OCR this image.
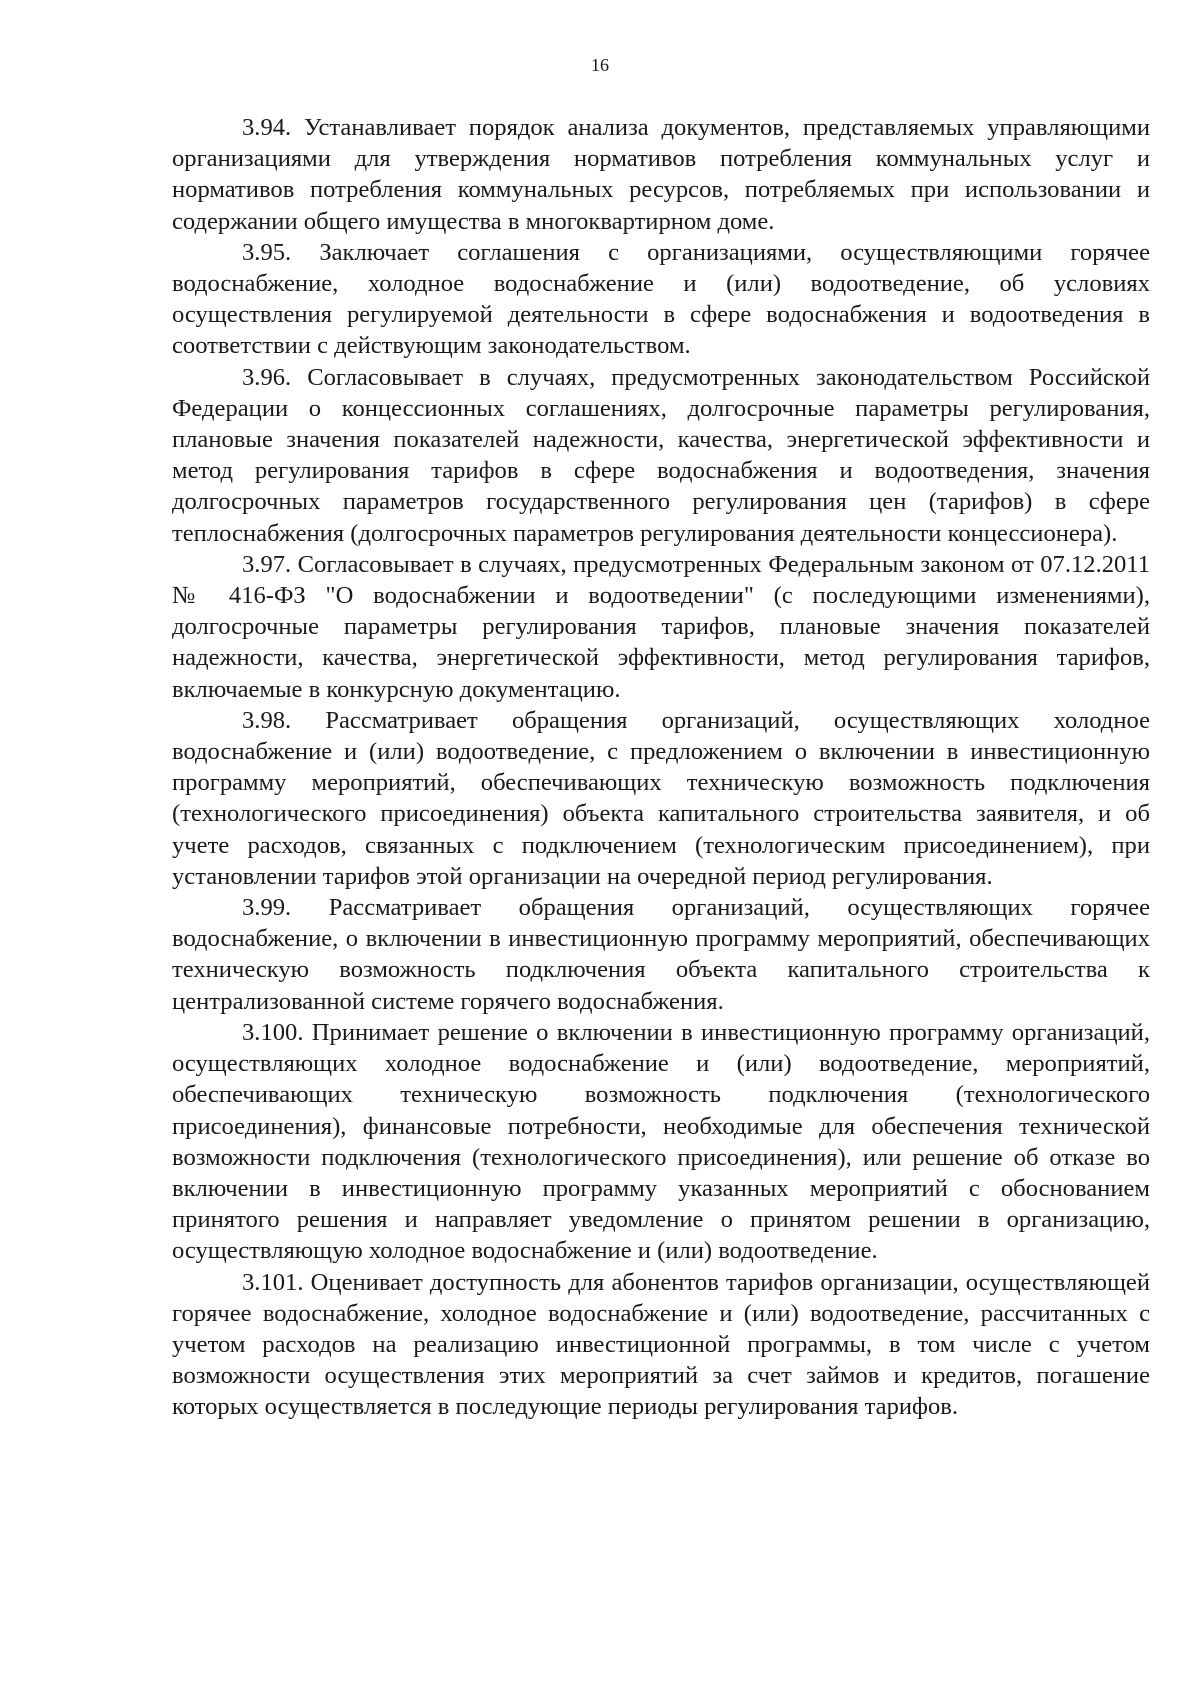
16

3.94. Устанавливает порядок анализа документов, представляемых управляющими организациями для утверждения нормативов потребления коммунальных услуг и нормативов потребления коммунальных ресурсов, потребляемых при использовании и содержании общего имущества в многоквартирном доме.

3.95. Заключает соглашения с организациями, осуществляющими горячее водоснабжение, холодное водоснабжение и (или) водоотведение, об условиях осуществления регулируемой деятельности в сфере водоснабжения и водоотведения в соответствии с действующим законодательством.

3.96. Согласовывает в случаях, предусмотренных законодательством Российской Федерации о концессионных соглашениях, долгосрочные параметры регулирования, плановые значения показателей надежности, качества, энергетической эффективности и метод регулирования тарифов в сфере водоснабжения и водоотведения, значения долгосрочных параметров государственного регулирования цен (тарифов) в сфере теплоснабжения (долгосрочных параметров регулирования деятельности концессионера).

3.97. Согласовывает в случаях, предусмотренных Федеральным законом от 07.12.2011 № 416-ФЗ "О водоснабжении и водоотведении" (с последующими изменениями), долгосрочные параметры регулирования тарифов, плановые значения показателей надежности, качества, энергетической эффективности, метод регулирования тарифов, включаемые в конкурсную документацию.

3.98. Рассматривает обращения организаций, осуществляющих холодное водоснабжение и (или) водоотведение, с предложением о включении в инвестиционную программу мероприятий, обеспечивающих техническую возможность подключения (технологического присоединения) объекта капитального строительства заявителя, и об учете расходов, связанных с подключением (технологическим присоединением), при установлении тарифов этой организации на очередной период регулирования.

3.99. Рассматривает обращения организаций, осуществляющих горячее водоснабжение, о включении в инвестиционную программу мероприятий, обеспечивающих техническую возможность подключения объекта капитального строительства к централизованной системе горячего водоснабжения.

3.100. Принимает решение о включении в инвестиционную программу организаций, осуществляющих холодное водоснабжение и (или) водоотведение, мероприятий, обеспечивающих техническую возможность подключения (технологического присоединения), финансовые потребности, необходимые для обеспечения технической возможности подключения (технологического присоединения), или решение об отказе во включении в инвестиционную программу указанных мероприятий с обоснованием принятого решения и направляет уведомление о принятом решении в организацию, осуществляющую холодное водоснабжение и (или) водоотведение.

3.101. Оценивает доступность для абонентов тарифов организации, осуществляющей горячее водоснабжение, холодное водоснабжение и (или) водоотведение, рассчитанных с учетом расходов на реализацию инвестиционной программы, в том числе с учетом возможности осуществления этих мероприятий за счет займов и кредитов, погашение которых осуществляется в последующие периоды регулирования тарифов.
